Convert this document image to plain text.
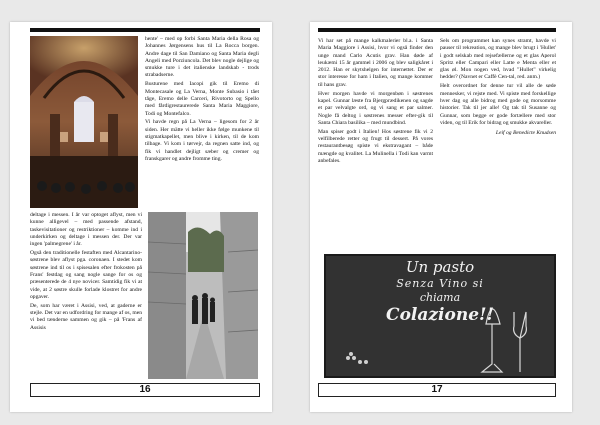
hente' – med op forbi Santa Maria della Rosa og Johannes Jørgensens hus til La Rocca borgen. Andre dage til San Damiano og Santa Maria degli Angeli med Porziuncola. Det blev nogle dejlige og smukke ture i det italienske landskab - trods strabadserne.

Busturene med Iacopi gik til Eremo di Montecasale og La Verna, Monte Subasio i tået tåge, Eremo delle Carceri, Rivotorto og Spello med fårdigrestaurerede Santa Maria Maggiore, Todi og Montefalco.

Vi havde regn på La Verna – ligesom for 2 år siden. Her mätte vi heller ikke følge munkene til stigmatkapellet, men blive i kirken, til de kom tilbage. Vi kom i tørvejr, da regnen satte ind, og fik vi handlet dejligt sæber og cremer og franskgarer og andre fromme ting.

deltage i messen. I år var optoget aflyst, men vi kunne alligevel – med passende afstand, taskevisitationer og restriktioner – komme ind i underkirken og deltage i messen der. Der var ingen 'palmegrene' i år.

Også den traditionelle festaften med Alcantarino-søstrene blev aflyst pga. coronaen. I stedet kom søstrene ind til os i spisesalen efter frokosten på Frans' festdag og sang nogle sange for os og præsenterede de 4 nye novicer. Samtidig fik vi at vide, at 2 søstre skulle forlade klostret for andre opgaver.

De, som har været i Assisi, ved, at gaderne er stejle. Det var en udfordring for mange af os, men vi bed tænderne sammen og gik – på 'Frans af Assisis

16

Vi har set på mange kalkmalerier bl.a. i Santa Maria Maggiore i Assisi, hvor vi også finder den unge mand Carlo Acutis grav. Han døde af leukæmi 15 år gammel i 2006 og blev saligkåret i 2012. Han er skytshelgen for internettet. Der er stor interesse for ham i Italien, og mange kommer til hans grav.

Hver morgen havde vi morgenbøn i søstrenes kapel. Gunnar læste fra Bjergprædikenen og sagde et par velvalgte ord, og vi sang et par salmer. Nogle få deltog i søstrenes messer efter-gik til Santa Chiara basilika – med mundbind.

Man spiser godt i Italien! Hos søstrene fik vi 2 velfilberede retter og frugt til dessert. På vores restaurantbesøg spiste vi ekstravagant – både mængde og kvalitet. La Mulinella i Todi kan varmt anbefales.

Sels om programmet kan synes stramt, havde vi pauser til rekreation, og mange blev brugt i 'Hullet' i godt selskab med rejsefællerne og et glas Aperol Spritz eller Campari eller Latte e Menta eller et glas øl. Mon nogen ved, hvad "Hullet" virkelig hedder? (Navnet er Caffè Cen-tal, red. anm.)

Helt overordnet for denne tur vil alle de søde mennesker, vi rejste med. Vi spiste med forskellige hver dag og alle bidrog med gode og morsomme historier. Tak til jer alle! Og tak til Susanne og Gunnar, som begge er gode fortællere med stor viden, og til Erik for bidrag og smukke akvareller.

Leif og Benedicte Knudsen

Un pasto
Senza Vino si
chiama
Colazione!!
17
